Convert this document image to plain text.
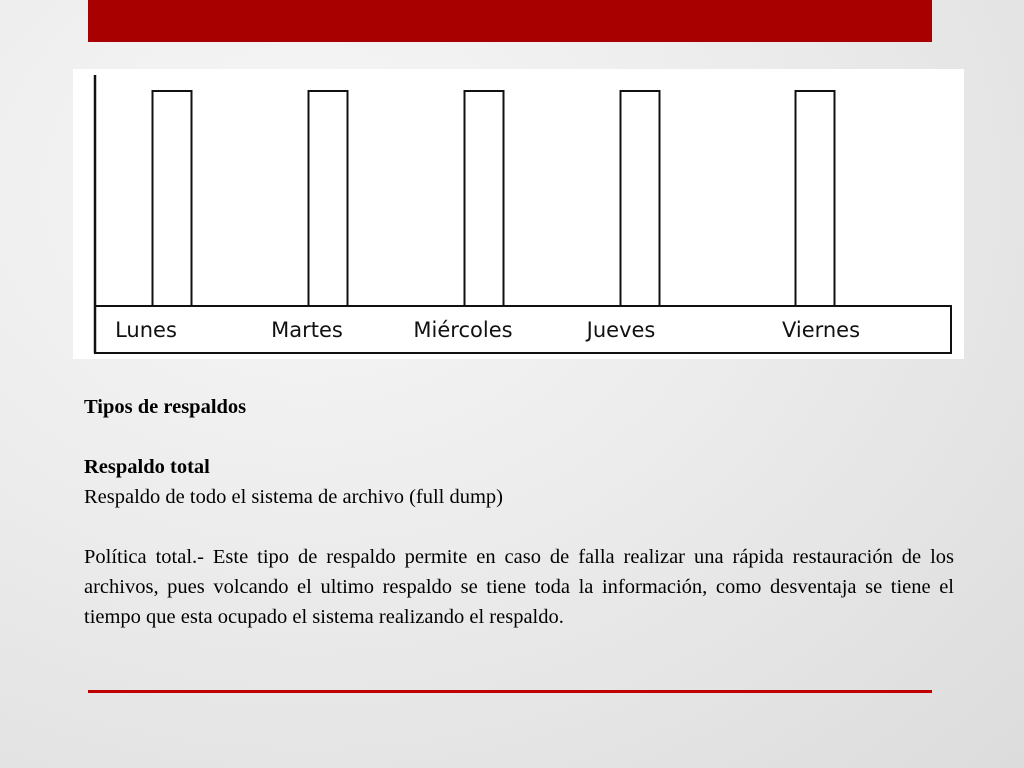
Lunes	Martes	Miércoles	Jueves	Viernes

Tipos de respaldos

Respaldo total

Respaldo de todo el sistema de archivo (full dump)

Política total.- Este tipo de respaldo permite en caso de falla realizar una rápida restauración de los archivos, pues volcando el ultimo respaldo se tiene toda la información, como desventaja se tiene el tiempo que esta ocupado el sistema realizando el respaldo.
